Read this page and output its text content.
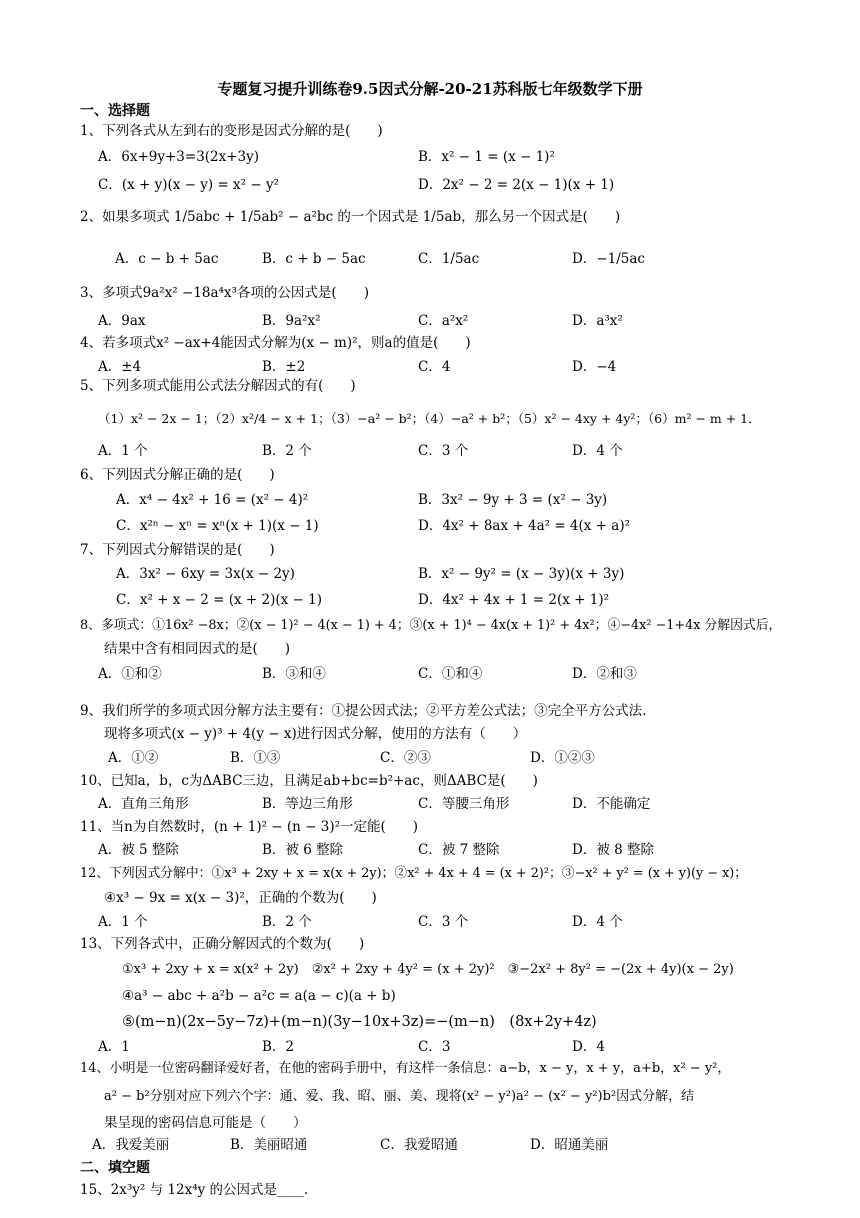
专题复习提升训练卷9.5因式分解-20-21苏科版七年级数学下册
一、选择题
1、下列各式从左到右的变形是因式分解的是(　　)
A．6x+9y+3=3(2x+3y)	B．x² − 1 = (x − 1)²
C．(x + y)(x − y) = x² − y²	D．2x² − 2 = 2(x − 1)(x + 1)
2、如果多项式 1/5abc + 1/5ab² − a²bc 的一个因式是 1/5ab，那么另一个因式是(　　)
A．c − b + 5ac	B．c + b − 5ac	C．1/5ac	D．−1/5ac
3、多项式9a²x² −18a⁴x³各项的公因式是(　　)
A．9ax	B．9a²x²	C．a²x²	D．a³x²
4、若多项式x² −ax+4能因式分解为(x − m)²，则a的值是(　　)
A．±4	B．±2	C．4	D．−4
5、下列多项式能用公式法分解因式的有(　　)
（1）x² − 2x − 1；（2）x²/4 − x + 1；（3）−a² − b²；（4）−a² + b²；（5）x² − 4xy + 4y²；（6）m² − m + 1．
A．1 个	B．2 个	C．3 个	D．4 个
6、下列因式分解正确的是(　　)
A．x⁴ − 4x² + 16 = (x² − 4)²	B．3x² − 9y + 3 = (x² − 3y)
C．x²ⁿ − xⁿ = xⁿ(x + 1)(x − 1)	D．4x² + 8ax + 4a² = 4(x + a)²
7、下列因式分解错误的是(　　)
A．3x² − 6xy = 3x(x − 2y)	B．x² − 9y² = (x − 3y)(x + 3y)
C．x² + x − 2 = (x + 2)(x − 1)	D．4x² + 4x + 1 = 2(x + 1)²
8、多项式：①16x² −8x；②(x − 1)² − 4(x − 1) + 4；③(x + 1)⁴ − 4x(x + 1)² + 4x²；④−4x² −1+4x 分解因式后，
结果中含有相同因式的是(　　)
A．①和②	B．③和④	C．①和④	D．②和③
9、我们所学的多项式因分解方法主要有：①提公因式法；②平方差公式法；③完全平方公式法.
现将多项式(x − y)³ + 4(y − x)进行因式分解，使用的方法有（　　）
A．①②	B．①③	C．②③	D．①②③
10、已知a，b，c为ΔABC三边，且满足ab+bc=b²+ac，则ΔABC是(　　)
A．直角三角形	B．等边三角形	C．等腰三角形	D．不能确定
11、当n为自然数时，(n + 1)² − (n − 3)²一定能(　　)
A．被 5 整除	B．被 6 整除	C．被 7 整除	D．被 8 整除
12、下列因式分解中：①x³ + 2xy + x = x(x + 2y)；②x² + 4x + 4 = (x + 2)²；③−x² + y² = (x + y)(y − x)；
④x³ − 9x = x(x − 3)²，正确的个数为(　　)
A．1 个	B．2 个	C．3 个	D．4 个
13、下列各式中，正确分解因式的个数为(　　)
①x³ + 2xy + x = x(x² + 2y)　②x² + 2xy + 4y² = (x + 2y)²　③−2x² + 8y² = −(2x + 4y)(x − 2y)
④a³ − abc + a²b − a²c = a(a − c)(a + b)
⑤(m−n)(2x−5y−7z)+(m−n)(3y−10x+3z)=−(m−n)　(8x+2y+4z)
A．1	B．2	C．3	D．4
14、小明是一位密码翻译爱好者，在他的密码手册中，有这样一条信息：a−b，x − y，x + y，a+b，x² − y²，
a² − b²分别对应下列六个字：通、爱、我、昭、丽、美、现将(x² − y²)a² − (x² − y²)b²因式分解，结
果呈现的密码信息可能是（　　）
A．我爱美丽	B．美丽昭通	C．我爱昭通	D．昭通美丽
二、填空题
15、2x³y² 与 12x⁴y 的公因式是____.
